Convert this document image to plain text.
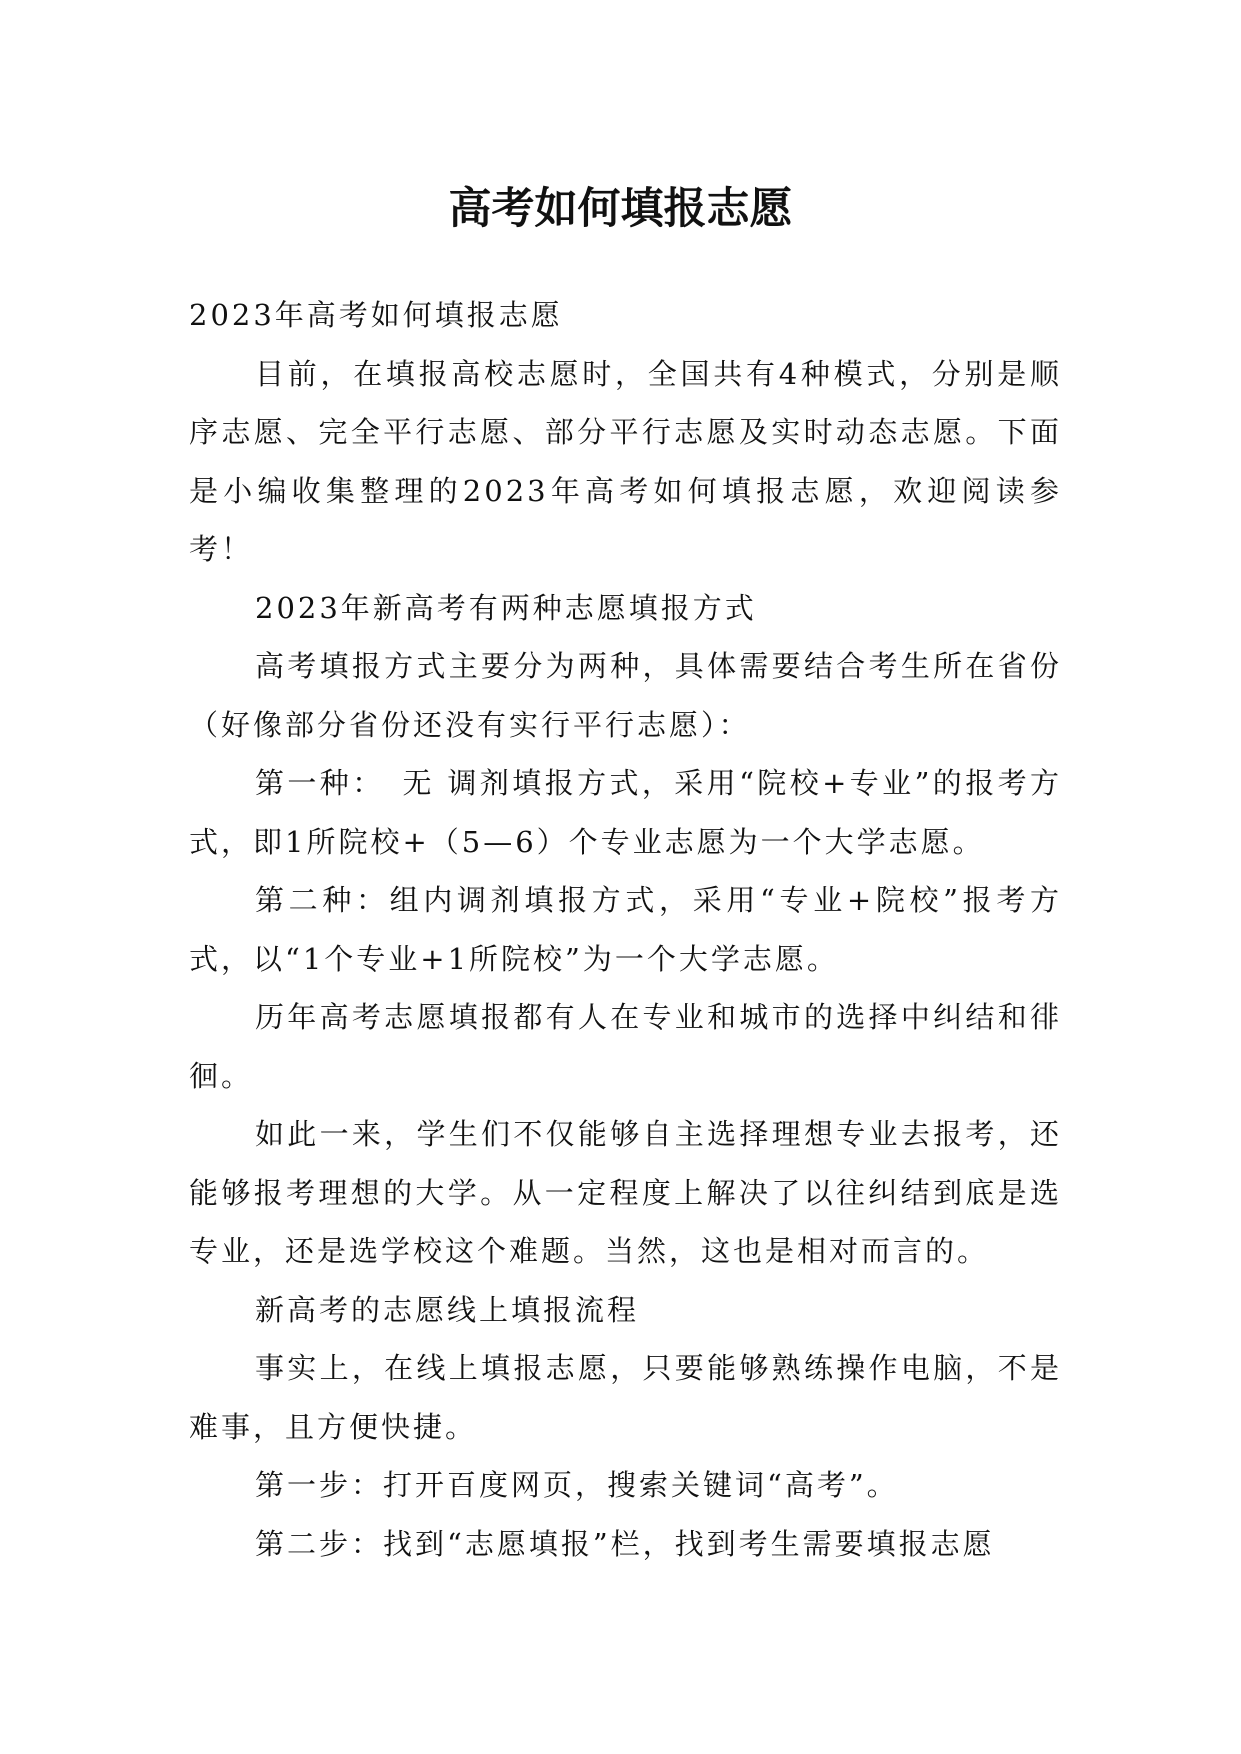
高考如何填报志愿

2023年高考如何填报志愿

目前，在填报高校志愿时，全国共有4种模式，分别是顺序志愿、完全平行志愿、部分平行志愿及实时动态志愿。下面是小编收集整理的2023年高考如何填报志愿，欢迎阅读参考！

2023年新高考有两种志愿填报方式

高考填报方式主要分为两种，具体需要结合考生所在省份（好像部分省份还没有实行平行志愿）：

第一种：　无 调剂填报方式，采用“院校+专业”的报考方式，即1所院校+（5—6）个专业志愿为一个大学志愿。

第二种：组内调剂填报方式，采用“专业+院校”报考方式，以“1个专业+1所院校”为一个大学志愿。

历年高考志愿填报都有人在专业和城市的选择中纠结和徘徊。

如此一来，学生们不仅能够自主选择理想专业去报考，还能够报考理想的大学。从一定程度上解决了以往纠结到底是选专业，还是选学校这个难题。当然，这也是相对而言的。

新高考的志愿线上填报流程

事实上，在线上填报志愿，只要能够熟练操作电脑，不是难事，且方便快捷。

第一步：打开百度网页，搜索关键词“高考”。

第二步：找到“志愿填报”栏，找到考生需要填报志愿
